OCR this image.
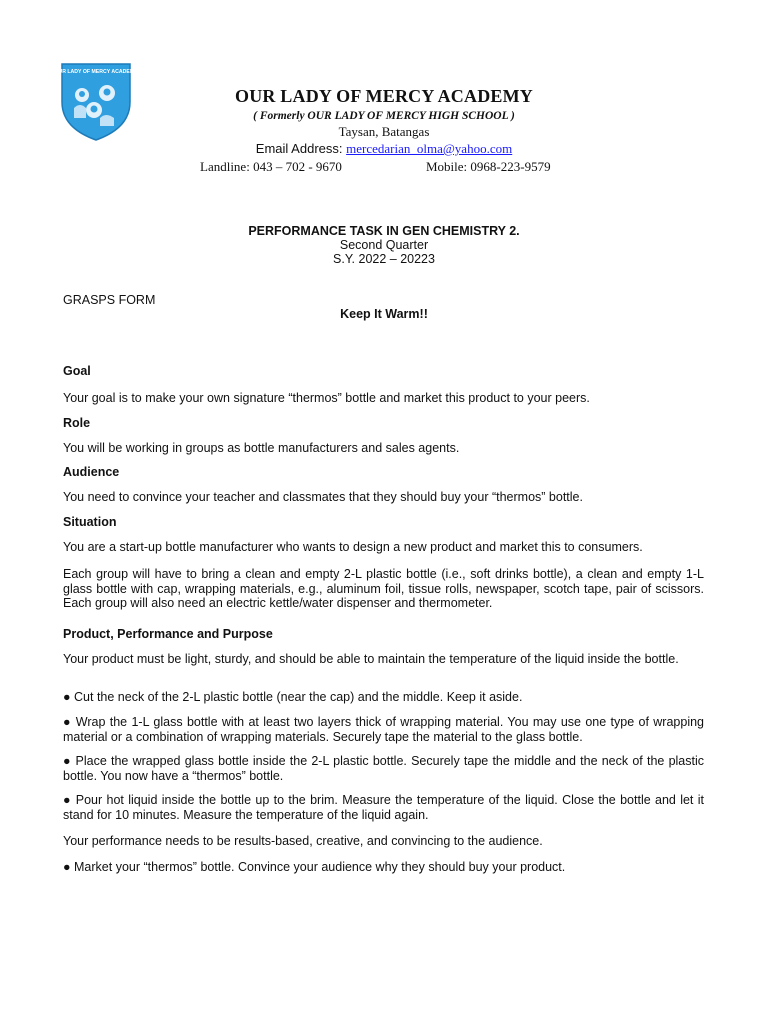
OUR LADY OF MERCY ACADEMY
OUR LADY OF MERCY ACADEMY
( Formerly OUR LADY OF MERCY HIGH SCHOOL )
Taysan, Batangas
Email Address: mercedarian_olma@yahoo.com
Landline: 043 – 702 - 9670	Mobile: 0968-223-9579
PERFORMANCE TASK IN GEN CHEMISTRY 2.
Second Quarter
S.Y. 2022 – 20223
GRASPS FORM
Keep It Warm!!
Goal
Your goal is to make your own signature “thermos” bottle and market this product to your peers.
Role
You will be working in groups as bottle manufacturers and sales agents.
Audience
You need to convince your teacher and classmates that they should buy your “thermos” bottle.
Situation
You are a start-up bottle manufacturer who wants to design a new product and market this to consumers.
Each group will have to bring a clean and empty 2-L plastic bottle (i.e., soft drinks bottle), a clean and empty 1-L glass bottle with cap, wrapping materials, e.g., aluminum foil, tissue rolls, newspaper, scotch tape, pair of scissors. Each group will also need an electric kettle/water dispenser and thermometer.
Product, Performance and Purpose
Your product must be light, sturdy, and should be able to maintain the temperature of the liquid inside the bottle.
● Cut the neck of the 2-L plastic bottle (near the cap) and the middle. Keep it aside.
● Wrap the 1-L glass bottle with at least two layers thick of wrapping material. You may use one type of wrapping material or a combination of wrapping materials. Securely tape the material to the glass bottle.
● Place the wrapped glass bottle inside the 2-L plastic bottle. Securely tape the middle and the neck of the plastic bottle. You now have a “thermos” bottle.
● Pour hot liquid inside the bottle up to the brim. Measure the temperature of the liquid. Close the bottle and let it stand for 10 minutes. Measure the temperature of the liquid again.
Your performance needs to be results-based, creative, and convincing to the audience.
● Market your “thermos” bottle. Convince your audience why they should buy your product.
